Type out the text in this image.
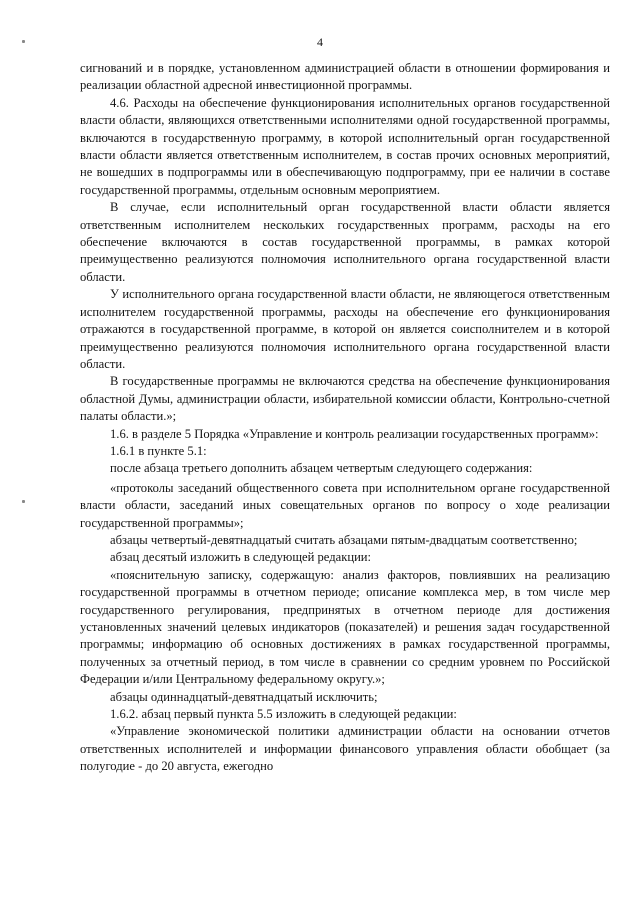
4

сигнований и в порядке, установленном администрацией области в отношении формирования и реализации областной адресной инвестиционной программы.

4.6. Расходы на обеспечение функционирования исполнительных органов государственной власти области, являющихся ответственными исполнителями одной государственной программы, включаются в государственную программу, в которой исполнительный орган государственной власти области является ответственным исполнителем, в состав прочих основных мероприятий, не вошедших в подпрограммы или в обеспечивающую подпрограмму, при ее наличии в составе государственной программы, отдельным основным мероприятием.

В случае, если исполнительный орган государственной власти области является ответственным исполнителем нескольких государственных программ, расходы на его обеспечение включаются в состав государственной программы, в рамках которой преимущественно реализуются полномочия исполнительного органа государственной власти области.

У исполнительного органа государственной власти области, не являющегося ответственным исполнителем государственной программы, расходы на обеспечение его функционирования отражаются в государственной программе, в которой он является соисполнителем и в которой преимущественно реализуются полномочия исполнительного органа государственной власти области.

В государственные программы не включаются средства на обеспечение функционирования областной Думы, администрации области, избирательной комиссии области, Контрольно-счетной палаты области.»;

1.6. в разделе 5 Порядка «Управление и контроль реализации государственных программ»:

1.6.1 в пункте 5.1:

после абзаца третьего дополнить абзацем четвертым следующего содержания:

«протоколы заседаний общественного совета при исполнительном органе государственной власти области, заседаний иных совещательных органов по вопросу о ходе реализации государственной программы»;

абзацы четвертый-девятнадцатый считать абзацами пятым-двадцатым соответственно;

абзац десятый изложить в следующей редакции:

«пояснительную записку, содержащую: анализ факторов, повлиявших на реализацию государственной программы в отчетном периоде; описание комплекса мер, в том числе мер государственного регулирования, предпринятых в отчетном периоде для достижения установленных значений целевых индикаторов (показателей) и решения задач государственной программы; информацию об основных достижениях в рамках государственной программы, полученных за отчетный период, в том числе в сравнении со средним уровнем по Российской Федерации и/или Центральному федеральному округу.»;

абзацы одиннадцатый-девятнадцатый исключить;

1.6.2. абзац первый пункта 5.5 изложить в следующей редакции:

«Управление экономической политики администрации области на основании отчетов ответственных исполнителей и информации финансового управления области обобщает (за полугодие - до 20 августа, ежегодно
